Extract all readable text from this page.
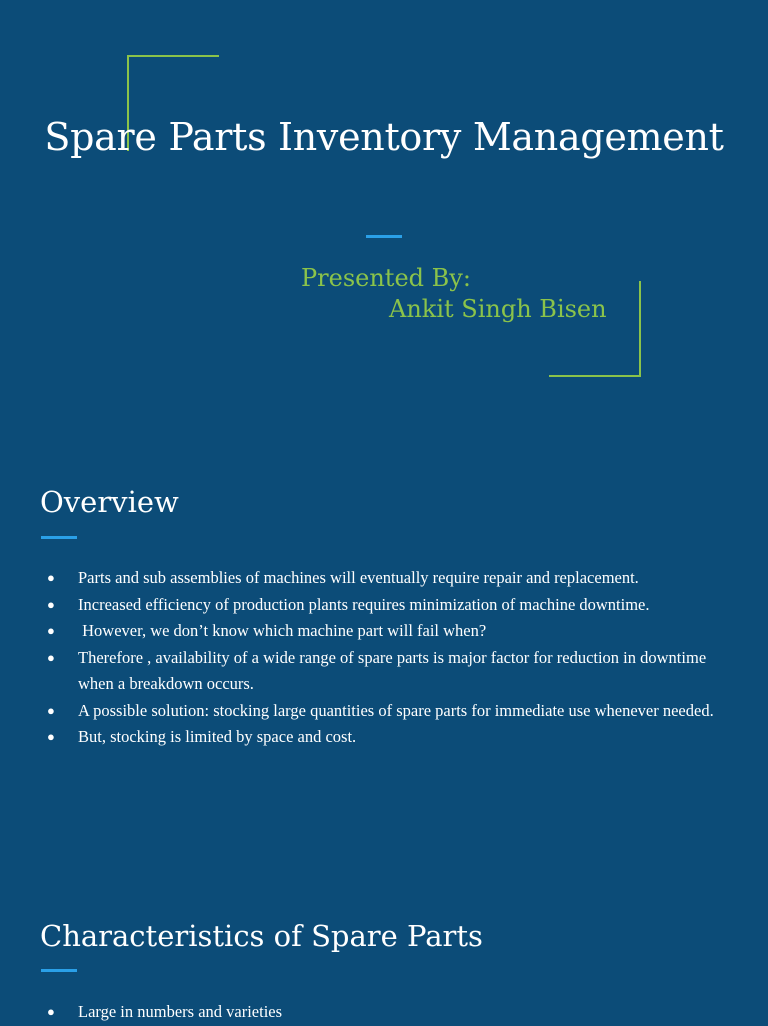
Spare Parts Inventory Management
Presented By:
Ankit Singh Bisen
Overview
● Parts and sub assemblies of machines will eventually require repair and replacement.
● Increased efficiency of production plants requires minimization of machine downtime.
● However, we don’t know which machine part will fail when?
● Therefore , availability of a wide range of spare parts is major factor for reduction in downtime when a breakdown occurs.
● A possible solution: stocking large quantities of spare parts for immediate use whenever needed.
● But, stocking is limited by space and cost.
Characteristics of Spare Parts
● Large in numbers and varieties
